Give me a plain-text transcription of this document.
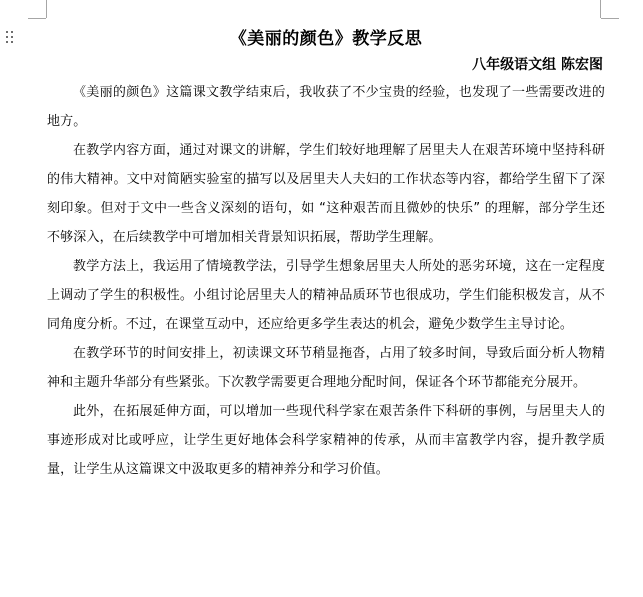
《美丽的颜色》教学反思

八年级语文组 陈宏图

《美丽的颜色》这篇课文教学结束后，我收获了不少宝贵的经验，也发现了一些需要改进的地方。

在教学内容方面，通过对课文的讲解，学生们较好地理解了居里夫人在艰苦环境中坚持科研的伟大精神。文中对简陋实验室的描写以及居里夫人夫妇的工作状态等内容，都给学生留下了深刻印象。但对于文中一些含义深刻的语句，如 “这种艰苦而且微妙的快乐” 的理解，部分学生还不够深入，在后续教学中可增加相关背景知识拓展，帮助学生理解。

教学方法上，我运用了情境教学法，引导学生想象居里夫人所处的恶劣环境，这在一定程度上调动了学生的积极性。小组讨论居里夫人的精神品质环节也很成功，学生们能积极发言，从不同角度分析。不过，在课堂互动中，还应给更多学生表达的机会，避免少数学生主导讨论。

在教学环节的时间安排上，初读课文环节稍显拖沓，占用了较多时间，导致后面分析人物精神和主题升华部分有些紧张。下次教学需要更合理地分配时间，保证各个环节都能充分展开。

此外，在拓展延伸方面，可以增加一些现代科学家在艰苦条件下科研的事例，与居里夫人的事迹形成对比或呼应，让学生更好地体会科学家精神的传承，从而丰富教学内容，提升教学质量，让学生从这篇课文中汲取更多的精神养分和学习价值。
